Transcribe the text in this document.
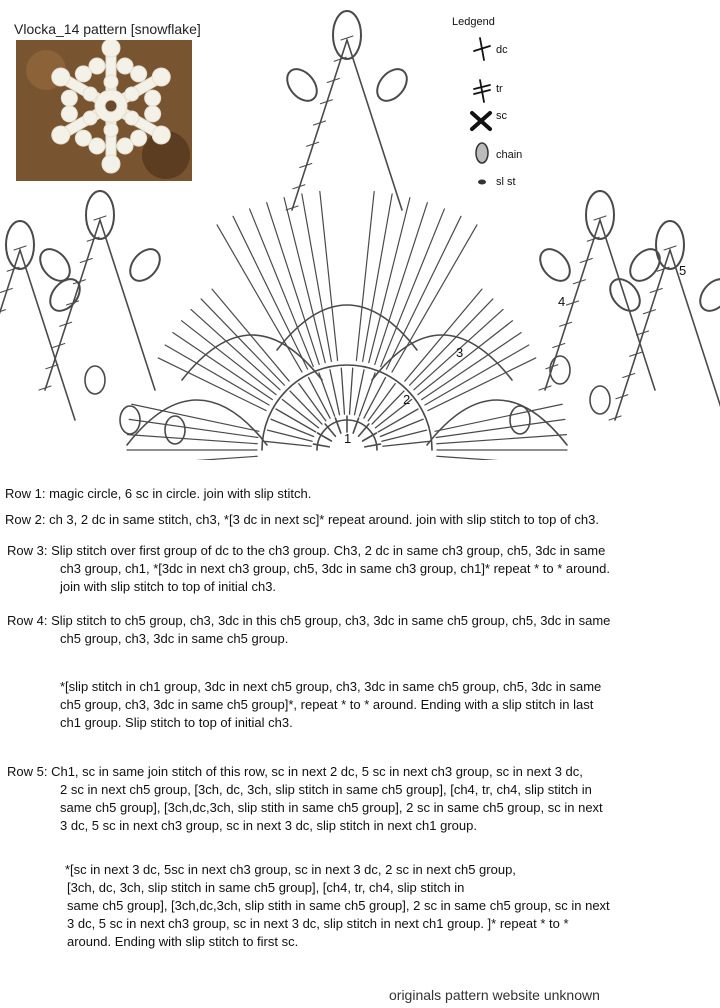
Vlocka_14 pattern [snowflake]	Ledgend
dc
tr
sc
chain
sl st
1
2
3
4
5
Row 1: magic circle, 6 sc in circle. join with slip stitch.
Row 2: ch 3, 2 dc in same stitch, ch3, *[3 dc in next sc]* repeat around. join with slip stitch to top of ch3.
Row 3: Slip stitch over first group of dc to the ch3 group. Ch3, 2 dc in same ch3 group, ch5, 3dc in same
ch3 group, ch1, *[3dc in next ch3 group, ch5, 3dc in same ch3 group, ch1]* repeat * to * around.
join with slip stitch to top of initial ch3.
Row 4: Slip stitch to ch5 group, ch3, 3dc in this ch5 group, ch3, 3dc in same ch5 group, ch5, 3dc in same
ch5 group, ch3, 3dc in same ch5 group.
*[slip stitch in ch1 group, 3dc in next ch5 group, ch3, 3dc in same ch5 group, ch5, 3dc in same
ch5 group, ch3, 3dc in same ch5 group]*, repeat * to * around. Ending with a slip stitch in last
ch1 group. Slip stitch to top of initial ch3.
Row 5: Ch1, sc in same join stitch of this row, sc in next 2 dc, 5 sc in next ch3 group, sc in next 3 dc,
2 sc in next ch5 group, [3ch, dc, 3ch, slip stitch in same ch5 group], [ch4, tr, ch4, slip stitch in
same ch5 group], [3ch,dc,3ch, slip stith in same ch5 group], 2 sc in same ch5 group, sc in next
3 dc, 5 sc in next ch3 group, sc in next 3 dc, slip stitch in next ch1 group.
*[sc in next 3 dc, 5sc in next ch3 group, sc in next 3 dc, 2 sc in next ch5 group,
[3ch, dc, 3ch, slip stitch in same ch5 group], [ch4, tr, ch4, slip stitch in
same ch5 group], [3ch,dc,3ch, slip stith in same ch5 group], 2 sc in same ch5 group, sc in next
3 dc, 5 sc in next ch3 group, sc in next 3 dc, slip stitch in next ch1 group. ]* repeat * to *
around. Ending with slip stitch to first sc.
originals pattern website unknown
